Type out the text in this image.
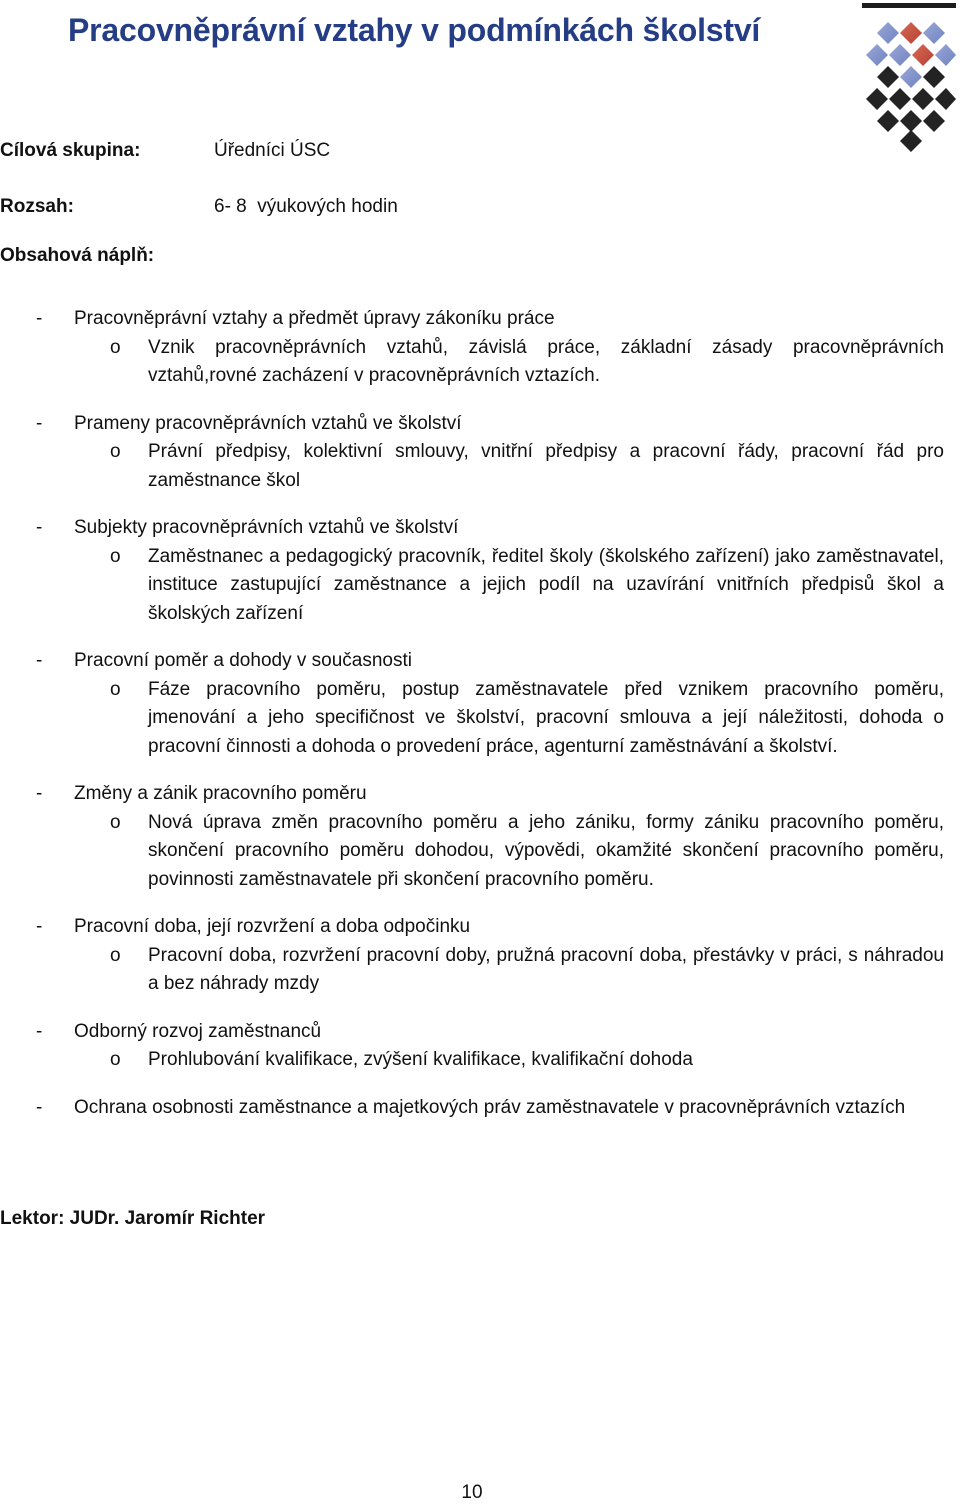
Pracovněprávní vztahy v podmínkách školství
Cílová skupina:	Úředníci ÚSC
Rozsah:	6- 8  výukových hodin
Obsahová náplň:
-	Pracovněprávní vztahy a předmět úpravy zákoníku práce
o	Vznik pracovněprávních vztahů, závislá práce, základní zásady pracovněprávních vztahů,rovné zacházení v pracovněprávních vztazích.
-	Prameny pracovněprávních vztahů ve školství
o	Právní předpisy, kolektivní smlouvy, vnitřní předpisy a pracovní řády, pracovní řád pro zaměstnance škol
-	Subjekty pracovněprávních vztahů ve školství
o	Zaměstnanec a pedagogický pracovník, ředitel školy (školského zařízení) jako zaměstnavatel, instituce zastupující zaměstnance a jejich podíl na uzavírání vnitřních předpisů škol a školských zařízení
-	Pracovní poměr a dohody v současnosti
o	Fáze pracovního poměru, postup zaměstnavatele před vznikem pracovního poměru, jmenování a jeho specifičnost ve školství, pracovní smlouva a její náležitosti, dohoda o pracovní činnosti a dohoda o provedení práce, agenturní zaměstnávání a školství.
-	Změny a zánik pracovního poměru
o	Nová úprava změn pracovního poměru a jeho zániku, formy zániku pracovního poměru, skončení pracovního poměru dohodou, výpovědi, okamžité skončení pracovního poměru, povinnosti zaměstnavatele při skončení pracovního poměru.
-	Pracovní doba, její rozvržení a doba odpočinku
o	Pracovní doba, rozvržení pracovní doby, pružná pracovní doba, přestávky v práci, s náhradou a bez náhrady mzdy
-	Odborný rozvoj zaměstnanců
o	Prohlubování kvalifikace, zvýšení kvalifikace, kvalifikační dohoda
-	Ochrana osobnosti zaměstnance a majetkových práv zaměstnavatele v pracovněprávních vztazích
Lektor: JUDr. Jaromír Richter
10
